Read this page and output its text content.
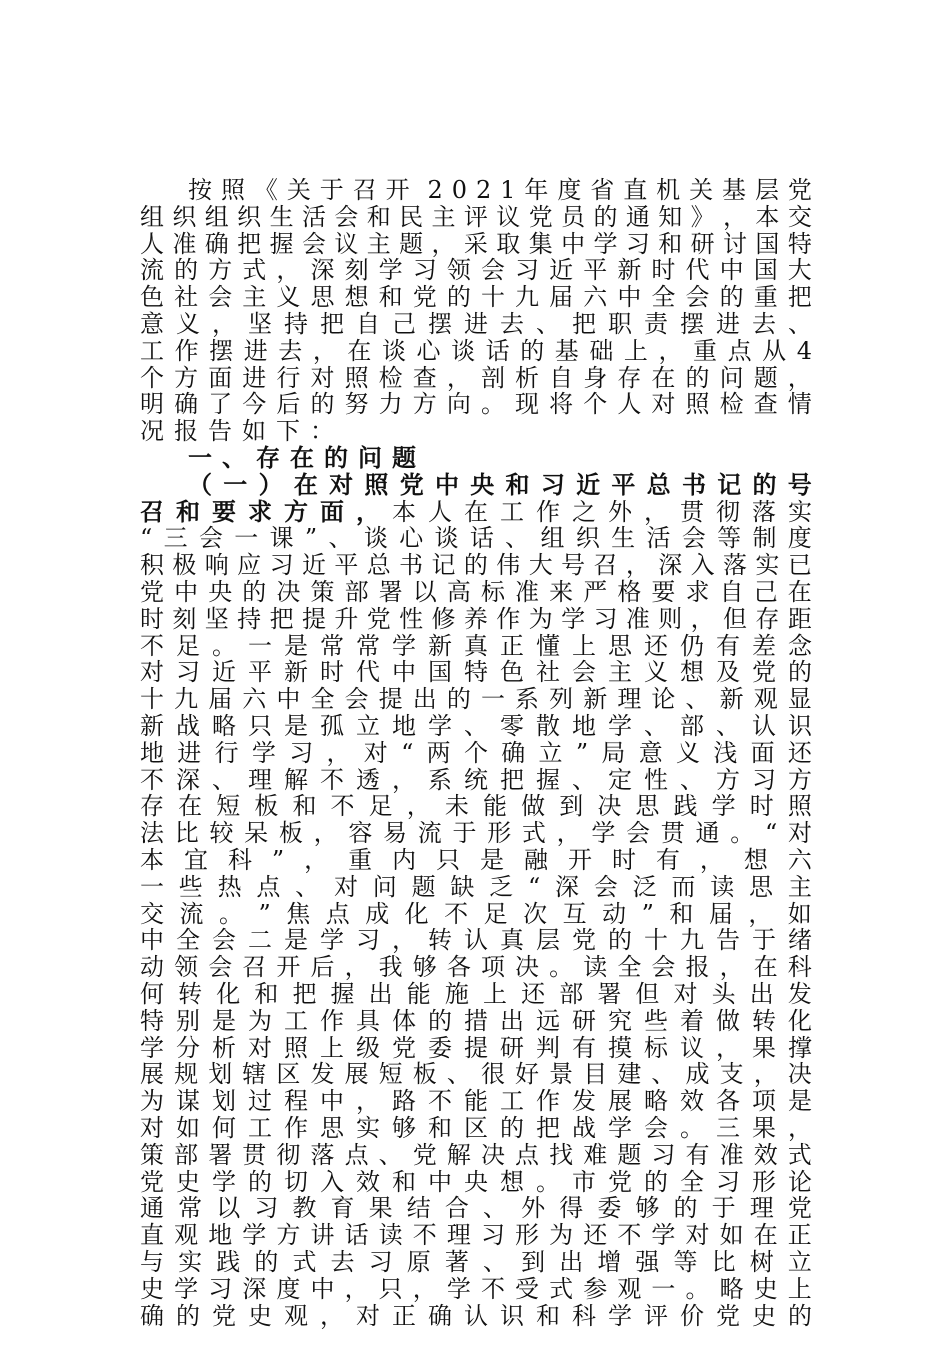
按 照 《 关 于 召 开 2 0 2 1 年 度 省 直 机 关 基 层 党
组 织 组 织 生 活 会 和 民 主 评 议 党 员 的 通 知 》 ， 本 交
人 准 确 把 握 会 议 主 题 ， 采 取 集 中 学 习 和 研 讨 国 特
流 的 方 式 ， 深 刻 学 习 领 会 习 近 平 新 时 代 中 国 大
色 社 会 主 义 思 想 和 党 的 十 九 届 六 中 全 会 的 重 把
意 义 ， 坚 持 把 自 己 摆 进 去 、 把 职 责 摆 进 去 、
工 作 摆 进 去 ， 在 谈 心 谈 话 的 基 础 上 ， 重 点 从 4
个 方 面 进 行 对 照 检 查 ， 剖 析 自 身 存 在 的 问 题 ，
明 确 了 今 后 的 努 力 方 向 。 现 将 个 人 对 照 检 查 情
况报告如下：
一、存在的问题
（ 一 ） 在 对 照 党 中 央 和 习 近 平 总 书 记 的 号
召 和 要 求 方 面 ， 本 人 在 工 作 之 外 ， 贯 彻 落 实
“ 三 会 一 课 ” 、 谈 心 谈 话 、 组 织 生 活 会 等 制 度
积 极 响 应 习 近 平 总 书 记 的 伟 大 号 召 ， 深 入 落 实 已
党 中 央 的 决 策 部 署 以 高 标 准 来 严 格 要 求 自 己 在
时 刻 坚 持 把 提 升 党 性 修 养 作 为 学 习 准 则 ， 但 存 距
不 足 。 一 是 常 常 学 新 真 正 懂 上 思 还 仍 有 差 念
对 习 近 平 新 时 代 中 国 特 色 社 会 主 义 想 及 党 的
十 九 届 六 中 全 会 提 出 的 一 系 列 新 理 论 、 新 观 显
新 战 略 只 是 孤 立 地 学 、 零 散 地 学 、 部 、 认 识
地 进 行 学 习 ， 对 “ 两 个 确 立 ” 局 意 义 浅 面 还
不 深 、 理 解 不 透 ， 系 统 把 握 、 定 性 、 方 习 方
存 在 短 板 和 不 足 ， 未 能 做 到 决 思 践 学 时 照
法 比 较 呆 板 ， 容 易 流 于 形 式 ， 学 会 贯 通 。 “ 对
本 宜 科 ” ， 重 内 只 是 融 开 时 有 ， 想 六
一 些 热 点 、 对 问 题 缺 乏 “ 深 会 泛 而 读 思 主
交 流 。 ” 焦 点 成 化 不 足 次 互 动 ” 和 届 ， 如
中 全 会 二 是 学 习 ， 转 认 真 层 党 的 十 九 告 于 绪
动 领 会 召 开 后 ， 我 够 各 项 决 。 读 全 会 报 ， 在 科
何 转 化 和 把 握 出 能 施 上 还 部 署 但 对 头 出 发
特 别 是 为 工 作 具 体 的 措 出 远 研 究 些 着 做 转 化
学 分 析 对 照 上 级 党 委 提 研 判 有 摸 标 议 ， 果 撑
展 规 划 辖 区 发 展 短 板 、 很 好 景 目 建 、 成 支 ， 决
为 谋 划 过 程 中 ， 路 不 能 工 作 发 展 略 效 各 项 是
对 如 何 工 作 思 实 够 和 区 的 把 战 学 会 。 三 果 ，
策 部 署 贯 彻 落 点 、 党 解 决 点 找 难 题 习 有 准 效 式
党 史 学 的 切 入 效 和 中 央 想 。 市 党 的 全 习 形 论
通 常 以 习 教 育 果 结 合 、 外 得 委 够 的 于 理 党
直 观 地 学 方 讲 话 读 不 理 习 形 为 还 不 学 对 如 在 正
与 实 践 的 式 去 习 原 著 、 到 出 增 强 等 比 树 立
史 学 习 深 度 中 ， 只 ， 学 不 受 式 参 观 一 。 略 史 上
确 的 党 史 观 ， 对 正 确 认 识 和 科 学 评 价 党 史 的
